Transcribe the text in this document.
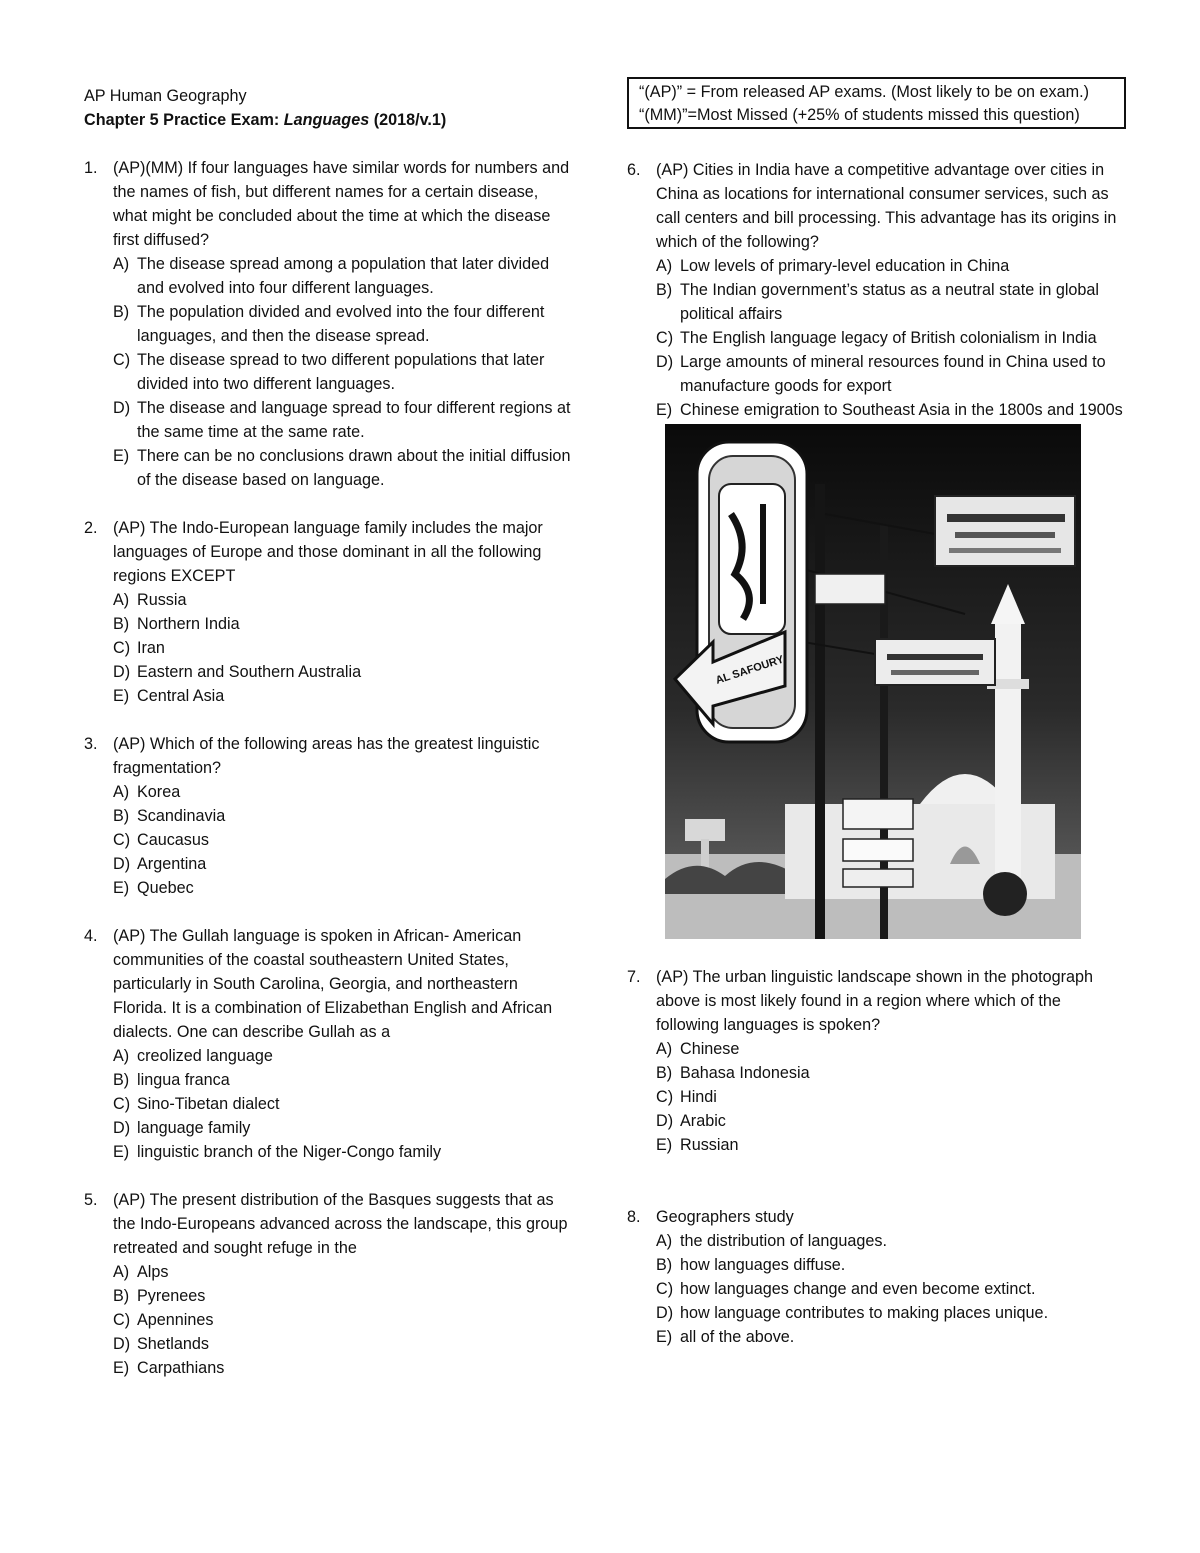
AP Human Geography
Chapter 5 Practice Exam: Languages (2018/v.1)
1. (AP)(MM) If four languages have similar words for numbers and the names of fish, but different names for a certain disease, what might be concluded about the time at which the disease first diffused?
A) The disease spread among a population that later divided and evolved into four different languages.
B) The population divided and evolved into the four different languages, and then the disease spread.
C) The disease spread to two different populations that later divided into two different languages.
D) The disease and language spread to four different regions at the same time at the same rate.
E) There can be no conclusions drawn about the initial diffusion of the disease based on language.
2. (AP) The Indo-European language family includes the major languages of Europe and those dominant in all the following regions EXCEPT
A) Russia
B) Northern India
C) Iran
D) Eastern and Southern Australia
E) Central Asia
3. (AP) Which of the following areas has the greatest linguistic fragmentation?
A) Korea
B) Scandinavia
C) Caucasus
D) Argentina
E) Quebec
4. (AP) The Gullah language is spoken in African- American communities of the coastal southeastern United States, particularly in South Carolina, Georgia, and northeastern Florida. It is a combination of Elizabethan English and African dialects. One can describe Gullah as a
A) creolized language
B) lingua franca
C) Sino-Tibetan dialect
D) language family
E) linguistic branch of the Niger-Congo family
5. (AP) The present distribution of the Basques suggests that as the Indo-Europeans advanced across the landscape, this group retreated and sought refuge in the
A) Alps
B) Pyrenees
C) Apennines
D) Shetlands
E) Carpathians
“(AP)” = From released AP exams. (Most likely to be on exam.)
“(MM)”=Most Missed (+25% of students missed this question)
6. (AP) Cities in India have a competitive advantage over cities in China as locations for international consumer services, such as call centers and bill processing. This advantage has its origins in which of the following?
A) Low levels of primary-level education in China
B) The Indian government’s status as a neutral state in global political affairs
C) The English language legacy of British colonialism in India
D) Large amounts of mineral resources found in China used to manufacture goods for export
E) Chinese emigration to Southeast Asia in the 1800s and 1900s
AL SAFOURY
7. (AP) The urban linguistic landscape shown in the photograph above is most likely found in a region where which of the following languages is spoken?
A) Chinese
B) Bahasa Indonesia
C) Hindi
D) Arabic
E) Russian
8. Geographers study
A) the distribution of languages.
B) how languages diffuse.
C) how languages change and even become extinct.
D) how language contributes to making places unique.
E) all of the above.
